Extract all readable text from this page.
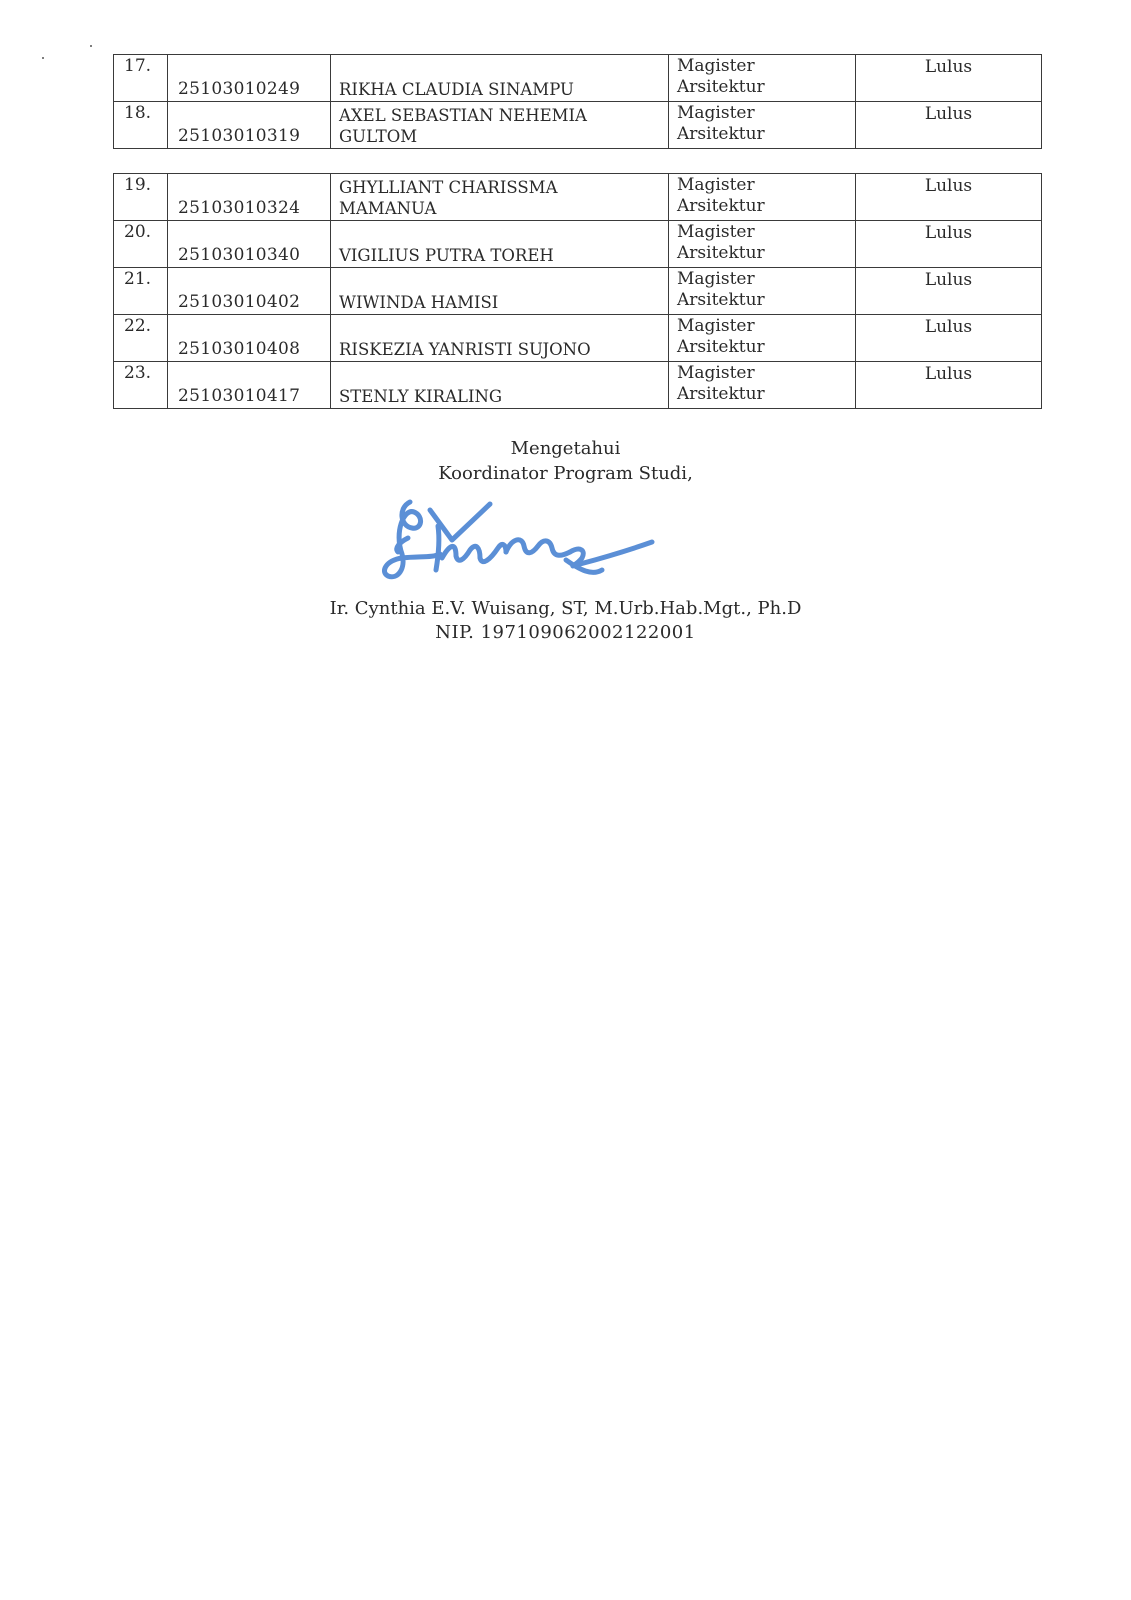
17.	25103010249	RIKHA CLAUDIA SINAMPU	Magister
Arsitektur	Lulus
18.	25103010319	AXEL SEBASTIAN NEHEMIA
GULTOM	Magister
Arsitektur	Lulus
19.	25103010324	GHYLLIANT CHARISSMA
MAMANUA	Magister
Arsitektur	Lulus
20.	25103010340	VIGILIUS PUTRA TOREH	Magister
Arsitektur	Lulus
21.	25103010402	WIWINDA HAMISI	Magister
Arsitektur	Lulus
22.	25103010408	RISKEZIA YANRISTI SUJONO	Magister
Arsitektur	Lulus
23.	25103010417	STENLY KIRALING	Magister
Arsitektur	Lulus
Mengetahui
Koordinator Program Studi,
Ir. Cynthia E.V. Wuisang, ST, M.Urb.Hab.Mgt., Ph.D
NIP. 197109062002122001
